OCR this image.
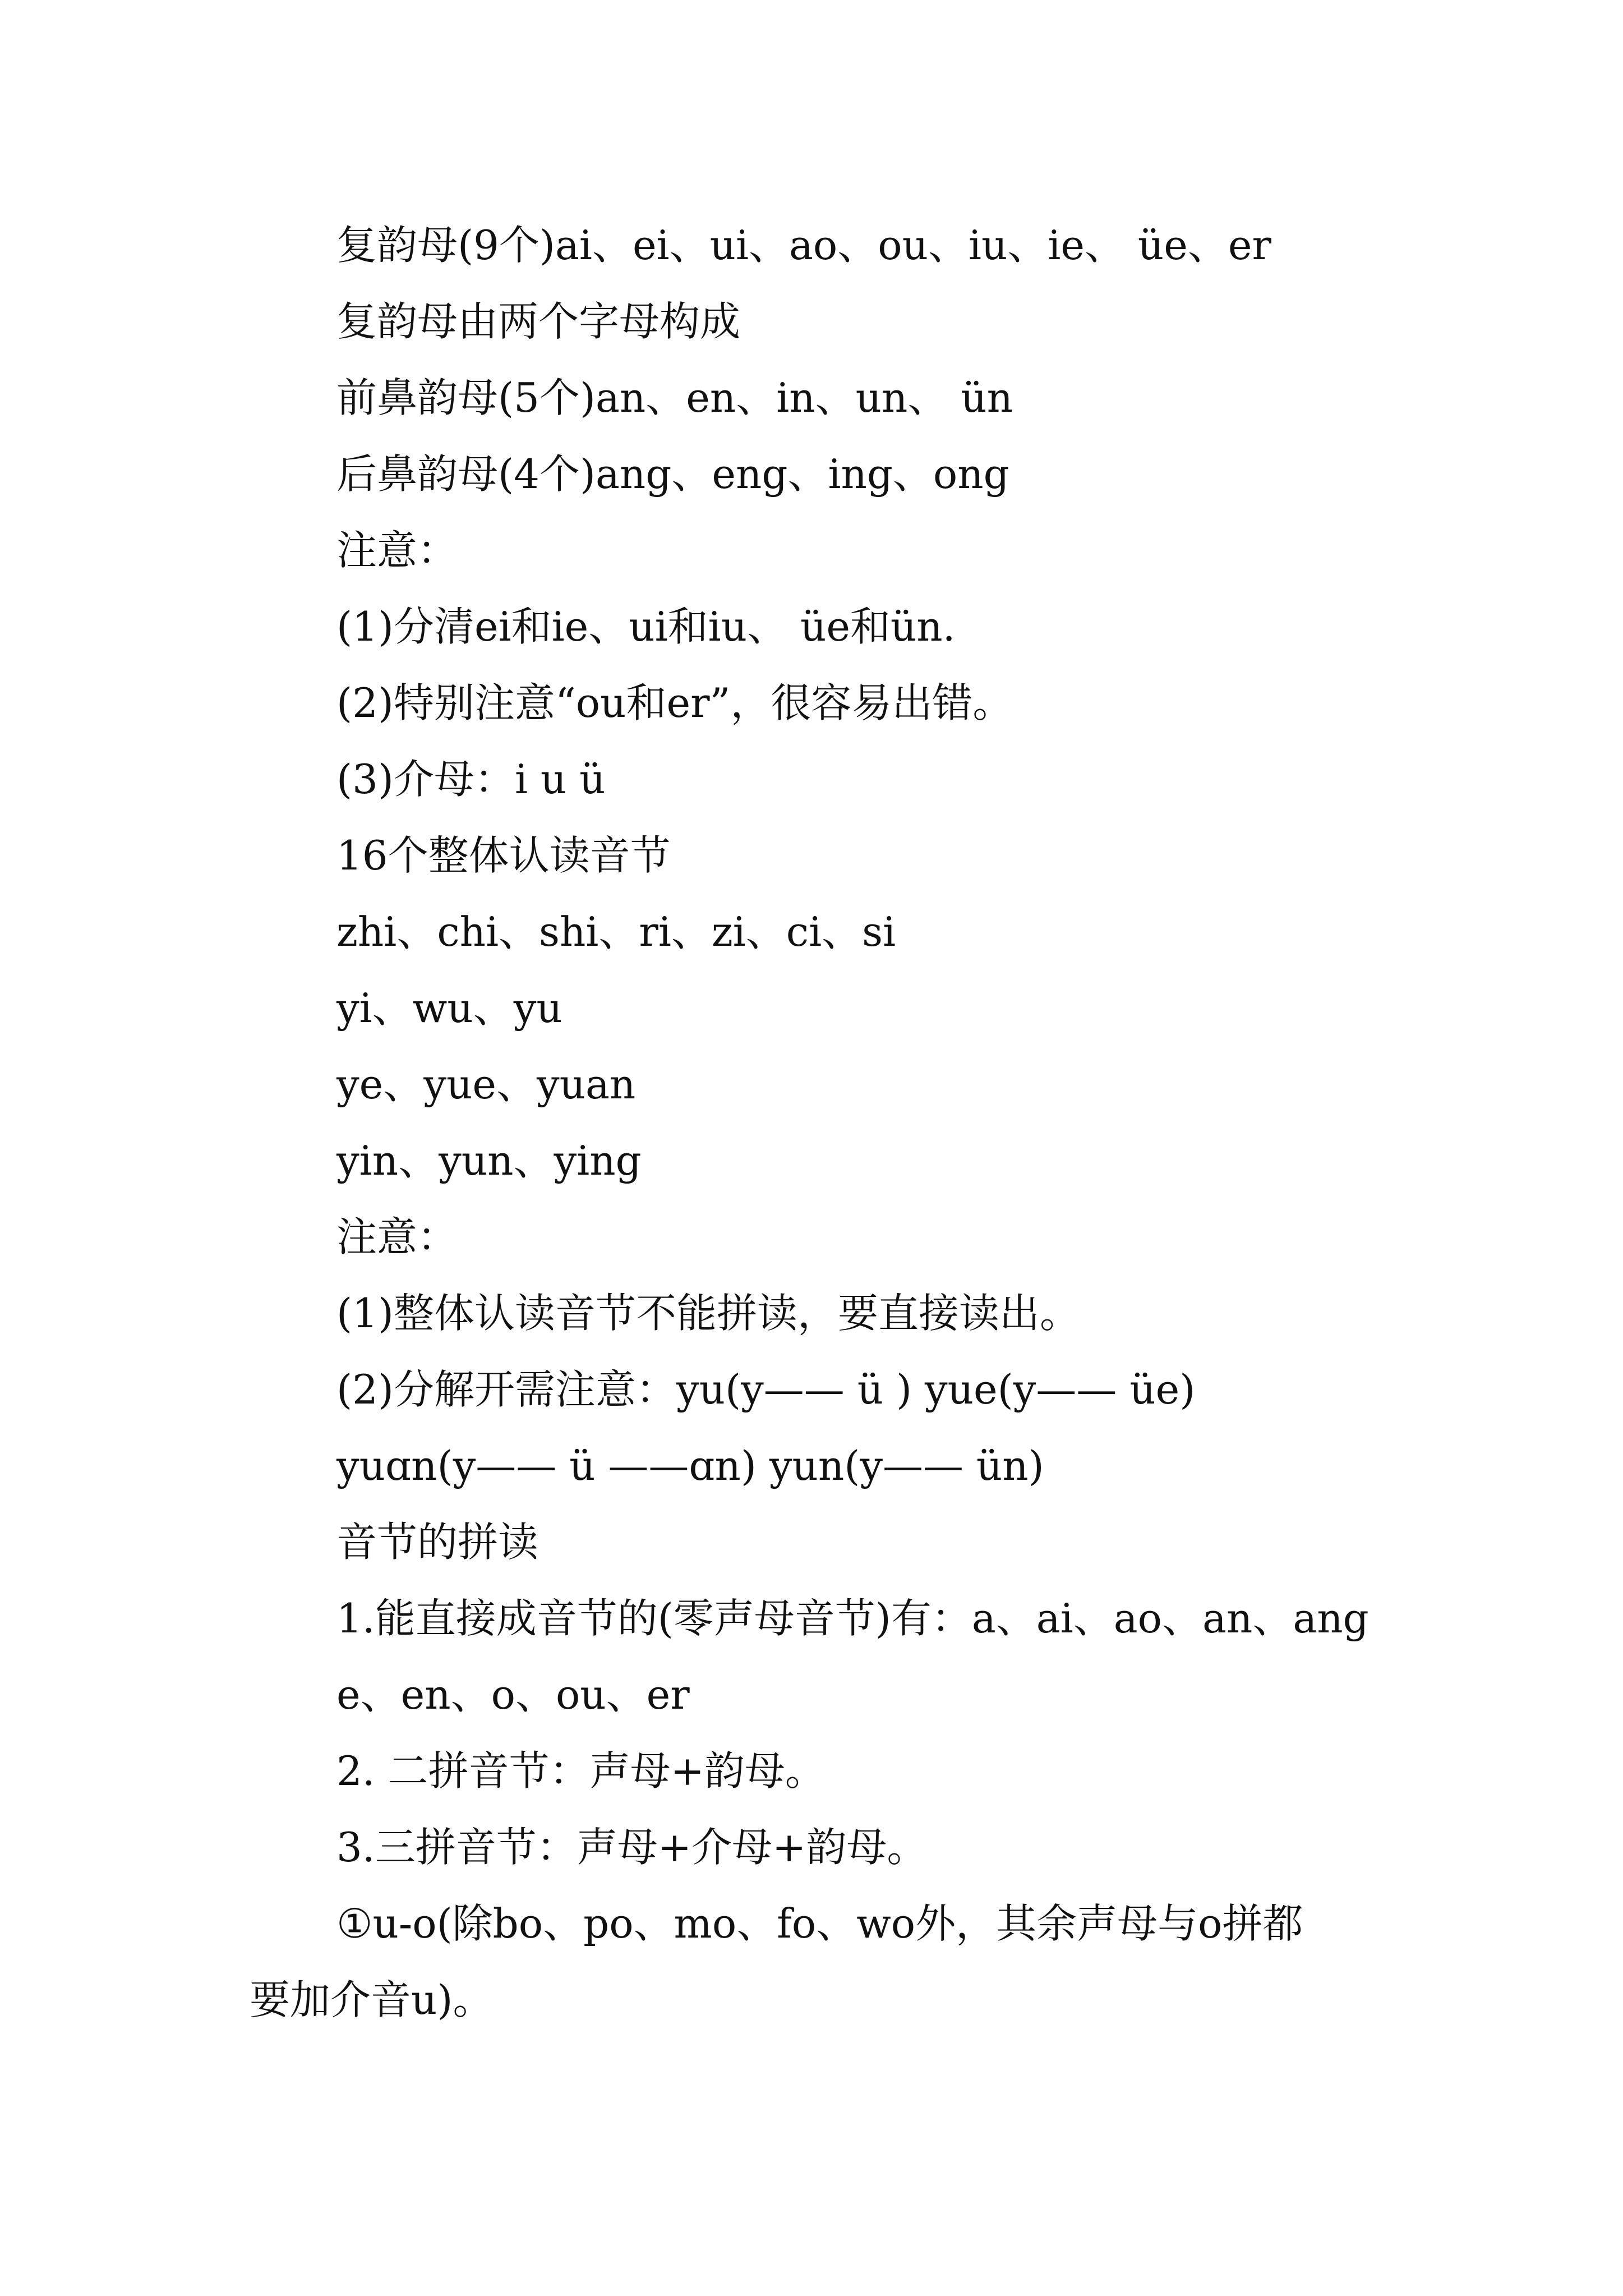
复韵母(9个)ai、ei、ui、ao、ou、iu、ie、 üe、er
复韵母由两个字母构成
前鼻韵母(5个)an、en、in、un、 ün
后鼻韵母(4个)ang、eng、ing、ong
注意：
(1)分清ei和ie、ui和iu、 üe和ün.
(2)特别注意“ou和er”，很容易出错。
(3)介母：i u ü
16个整体认读音节
zhi、chi、shi、ri、zi、ci、si
yi、wu、yu
ye、yue、yuan
yin、yun、ying
注意：
(1)整体认读音节不能拼读，要直接读出。
(2)分解开需注意：yu(y—— ü ) yue(y—— üe)
yuɑn(y—— ü ——ɑn) yun(y—— ün)
音节的拼读
1.能直接成音节的(零声母音节)有：a、ai、ao、an、ang
e、en、o、ou、er
2. 二拼音节：声母+韵母。
3.三拼音节：声母+介母+韵母。
①u-o(除bo、po、mo、fo、wo外，其余声母与o拼都
要加介音u)。
